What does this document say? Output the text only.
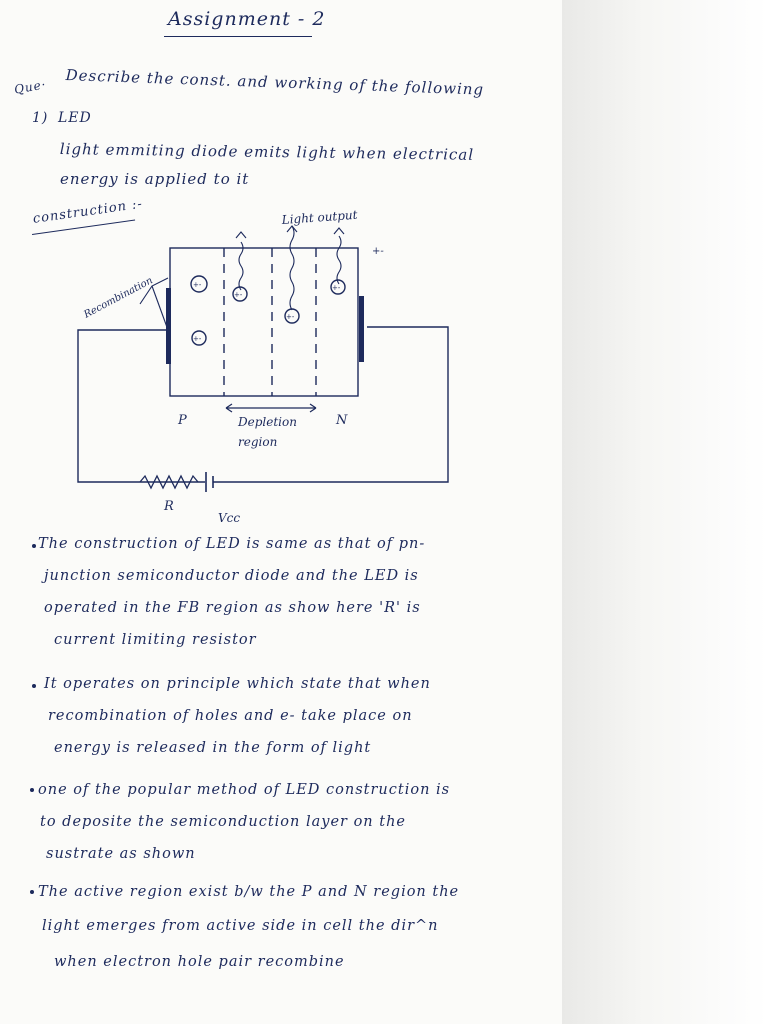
Assignment - 2
Que· Describe the const. and working of the following
1) LED
light emmiting diode emits light when electrical
energy is applied to it
construction :-
Recombination
Light output
+-
P	N
Depletion
region
R
Vcc
+-
+-
+-
+-
+-
The construction of LED is same as that of pn-
junction semiconductor diode and the LED is
operated in the FB region as show here 'R' is
current limiting resistor
It operates on principle which state that when
recombination of holes and e- take place on
energy is released in the form of light
one of the popular method of LED construction is
to deposite the semiconduction layer on the
sustrate as shown
The active region exist b/w the P and N region the
light emerges from active side in cell the dir^n
when electron hole pair recombine
